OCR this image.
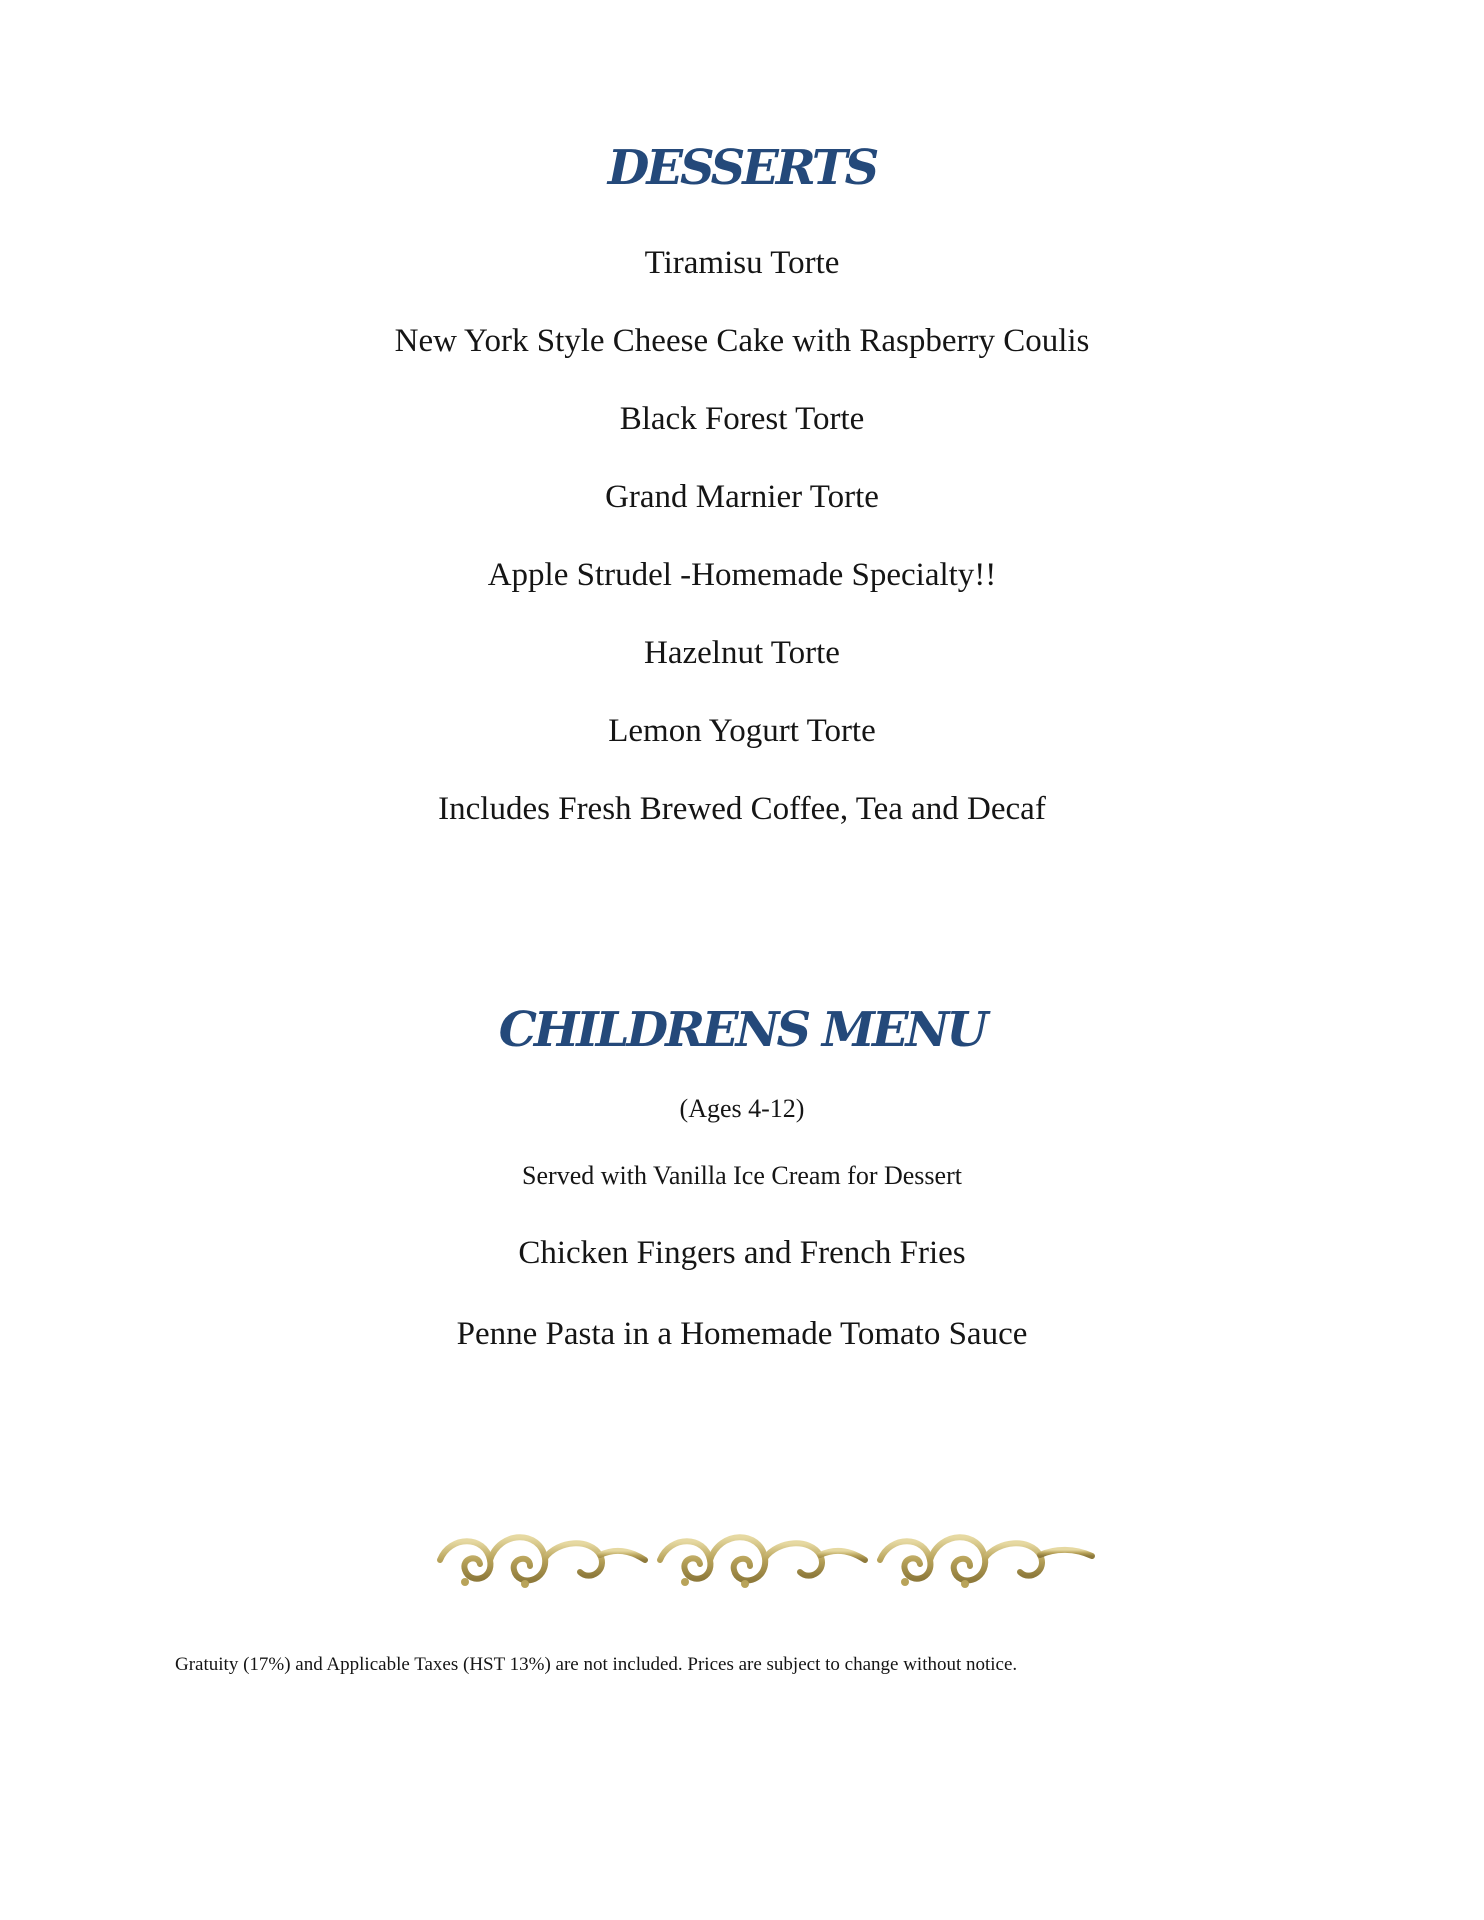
DESSERTS
Tiramisu Torte
New York Style Cheese Cake with Raspberry Coulis
Black Forest Torte
Grand Marnier Torte
Apple Strudel -Homemade Specialty!!
Hazelnut Torte
Lemon Yogurt Torte
Includes Fresh Brewed Coffee, Tea and Decaf
CHILDRENS MENU
(Ages 4-12)
Served with Vanilla Ice Cream for Dessert
Chicken Fingers and French Fries
Penne Pasta in a Homemade Tomato Sauce
Gratuity (17%) and Applicable Taxes (HST 13%) are not included. Prices are subject to change without notice.
